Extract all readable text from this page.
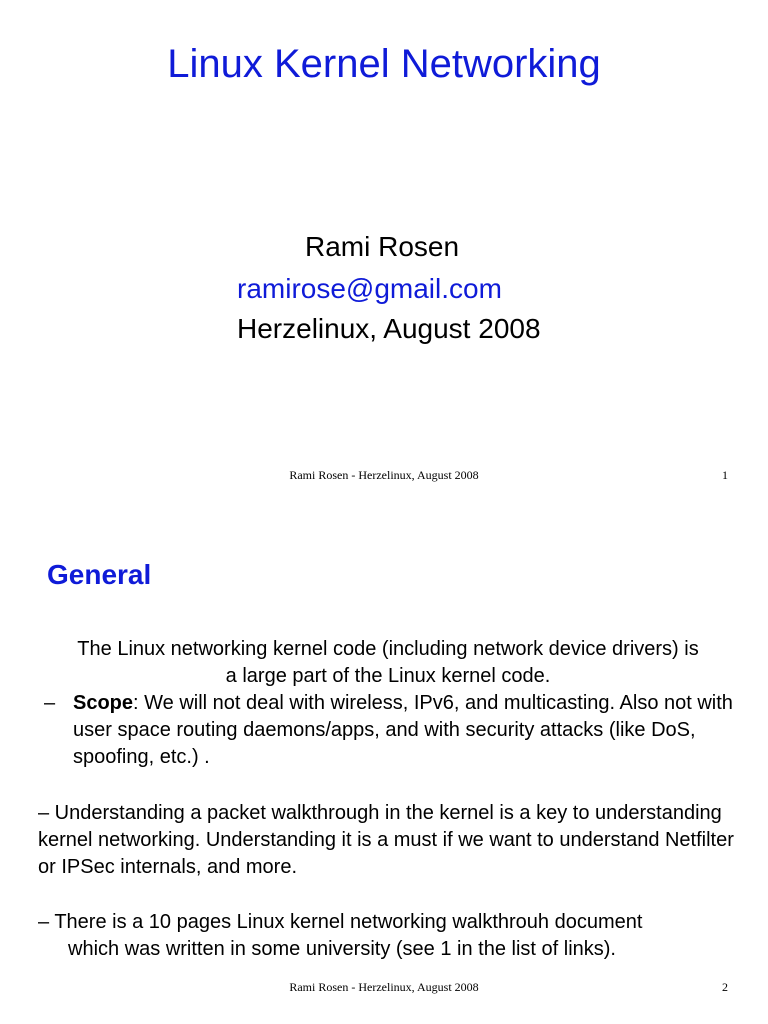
Linux Kernel Networking
Rami Rosen
ramirose@gmail.com
Herzelinux, August 2008
Rami Rosen - Herzelinux, August 2008	1
General
The Linux networking kernel code (including network device drivers) is
a large part of the Linux kernel code.
– Scope: We will not deal with wireless, IPv6, and multicasting. Also not with user space routing daemons/apps, and with security attacks (like DoS, spoofing, etc.) .
– Understanding a packet walkthrough in the kernel is a key to understanding kernel networking. Understanding it is a must if we want to understand Netfilter or IPSec internals, and more.
– There is a 10 pages Linux kernel networking walkthrouh document
which was written in some university (see 1 in the list of links).
Rami Rosen - Herzelinux, August 2008	2
